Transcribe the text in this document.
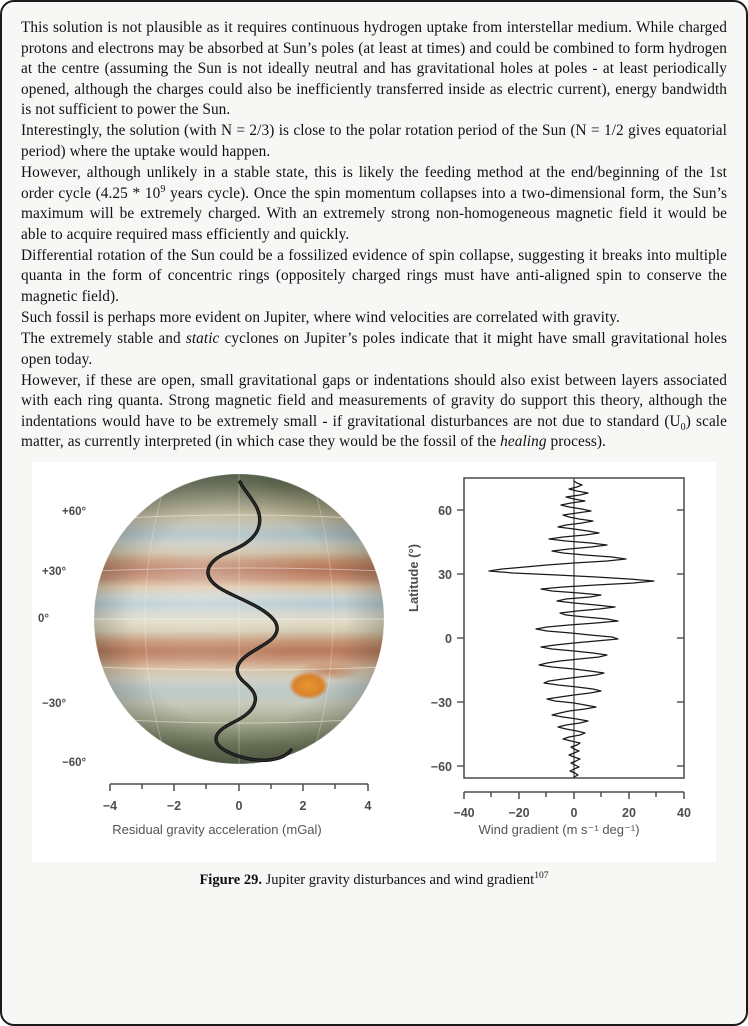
This solution is not plausible as it requires continuous hydrogen uptake from interstellar medium. While charged protons and electrons may be absorbed at Sun’s poles (at least at times) and could be combined to form hydrogen at the centre (assuming the Sun is not ideally neutral and has gravitational holes at poles - at least periodically opened, although the charges could also be inefficiently transferred inside as electric current), energy bandwidth is not sufficient to power the Sun.

Interestingly, the solution (with N = 2/3) is close to the polar rotation period of the Sun (N = 1/2 gives equatorial period) where the uptake would happen.

However, although unlikely in a stable state, this is likely the feeding method at the end/beginning of the 1st order cycle ($4.25 * 10^9$ years cycle). Once the spin momentum collapses into a two-dimensional form, the Sun’s maximum will be extremely charged. With an extremely strong non-homogeneous magnetic field it would be able to acquire required mass efficiently and quickly.

Differential rotation of the Sun could be a fossilized evidence of spin collapse, suggesting it breaks into multiple quanta in the form of concentric rings (oppositely charged rings must have anti-aligned spin to conserve the magnetic field).

Such fossil is perhaps more evident on Jupiter, where wind velocities are correlated with gravity.

The extremely stable and static cyclones on Jupiter’s poles indicate that it might have small gravitational holes open today.

However, if these are open, small gravitational gaps or indentations should also exist between layers associated with each ring quanta. Strong magnetic field and measurements of gravity do support this theory, although the indentations would have to be extremely small - if gravitational disturbances are not due to standard $(U_0)$ scale matter, as currently interpreted (in which case they would be the fossil of the healing process).

+60°
+30°
0°
−30°
−60°
−4	−2	0	2	4
Residual gravity acceleration (mGal)
Latitude (°)
60
30
0
−30
−60
−40	−20	0	20	40
Wind gradient (m s⁻¹ deg⁻¹)
Figure 29. Jupiter gravity disturbances and wind gradient$^{107}$
